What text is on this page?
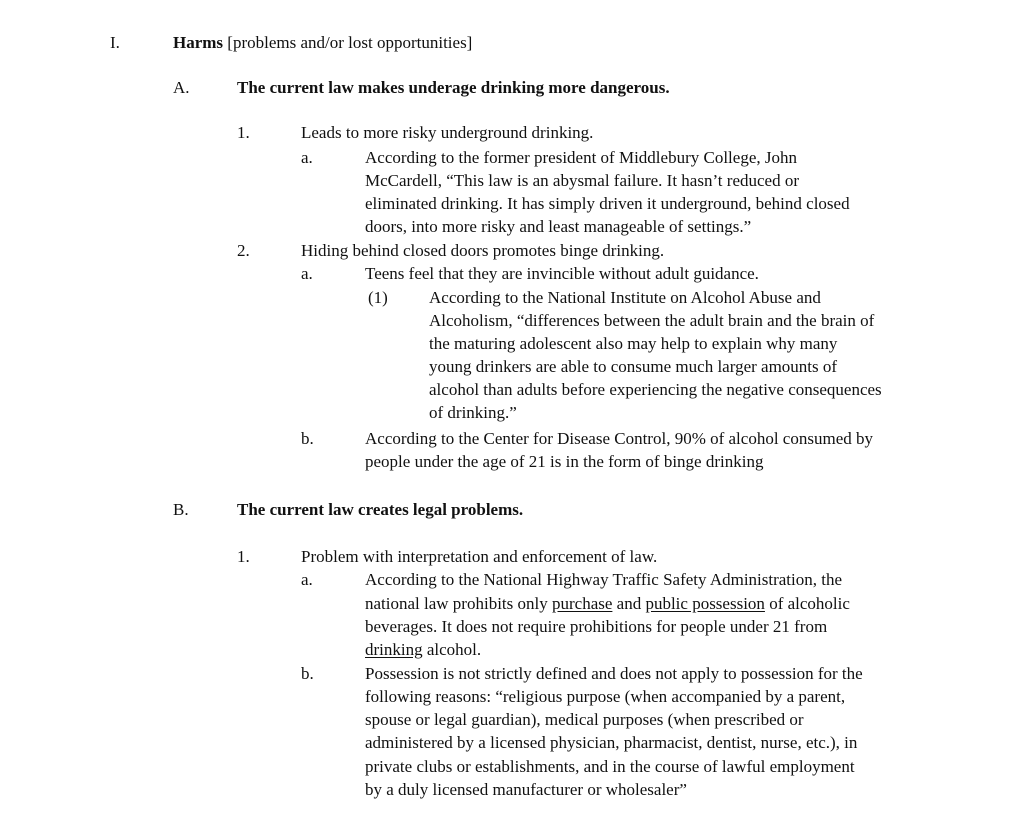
I.	Harms [problems and/or lost opportunities]
A.	The current law makes underage drinking more dangerous.
1.	Leads to more risky underground drinking.
a.	According to the former president of Middlebury College, John
McCardell, “This law is an abysmal failure. It hasn’t reduced or
eliminated drinking. It has simply driven it underground, behind closed
doors, into more risky and least manageable of settings.”
2.	Hiding behind closed doors promotes binge drinking.
a.	Teens feel that they are invincible without adult guidance.
(1) According to the National Institute on Alcohol Abuse and
Alcoholism, “differences between the adult brain and the brain of
the maturing adolescent also may help to explain why many
young drinkers are able to consume much larger amounts of
alcohol than adults before experiencing the negative consequences
of drinking.”
b.	According to the Center for Disease Control, 90% of alcohol consumed by
people under the age of 21 is in the form of binge drinking
B.	The current law creates legal problems.
1.	Problem with interpretation and enforcement of law.
a.	According to the National Highway Traffic Safety Administration, the
national law prohibits only purchase and public possession of alcoholic
beverages. It does not require prohibitions for people under 21 from
drinking alcohol.
b.	Possession is not strictly defined and does not apply to possession for the
following reasons: “religious purpose (when accompanied by a parent,
spouse or legal guardian), medical purposes (when prescribed or
administered by a licensed physician, pharmacist, dentist, nurse, etc.), in
private clubs or establishments, and in the course of lawful employment
by a duly licensed manufacturer or wholesaler”
